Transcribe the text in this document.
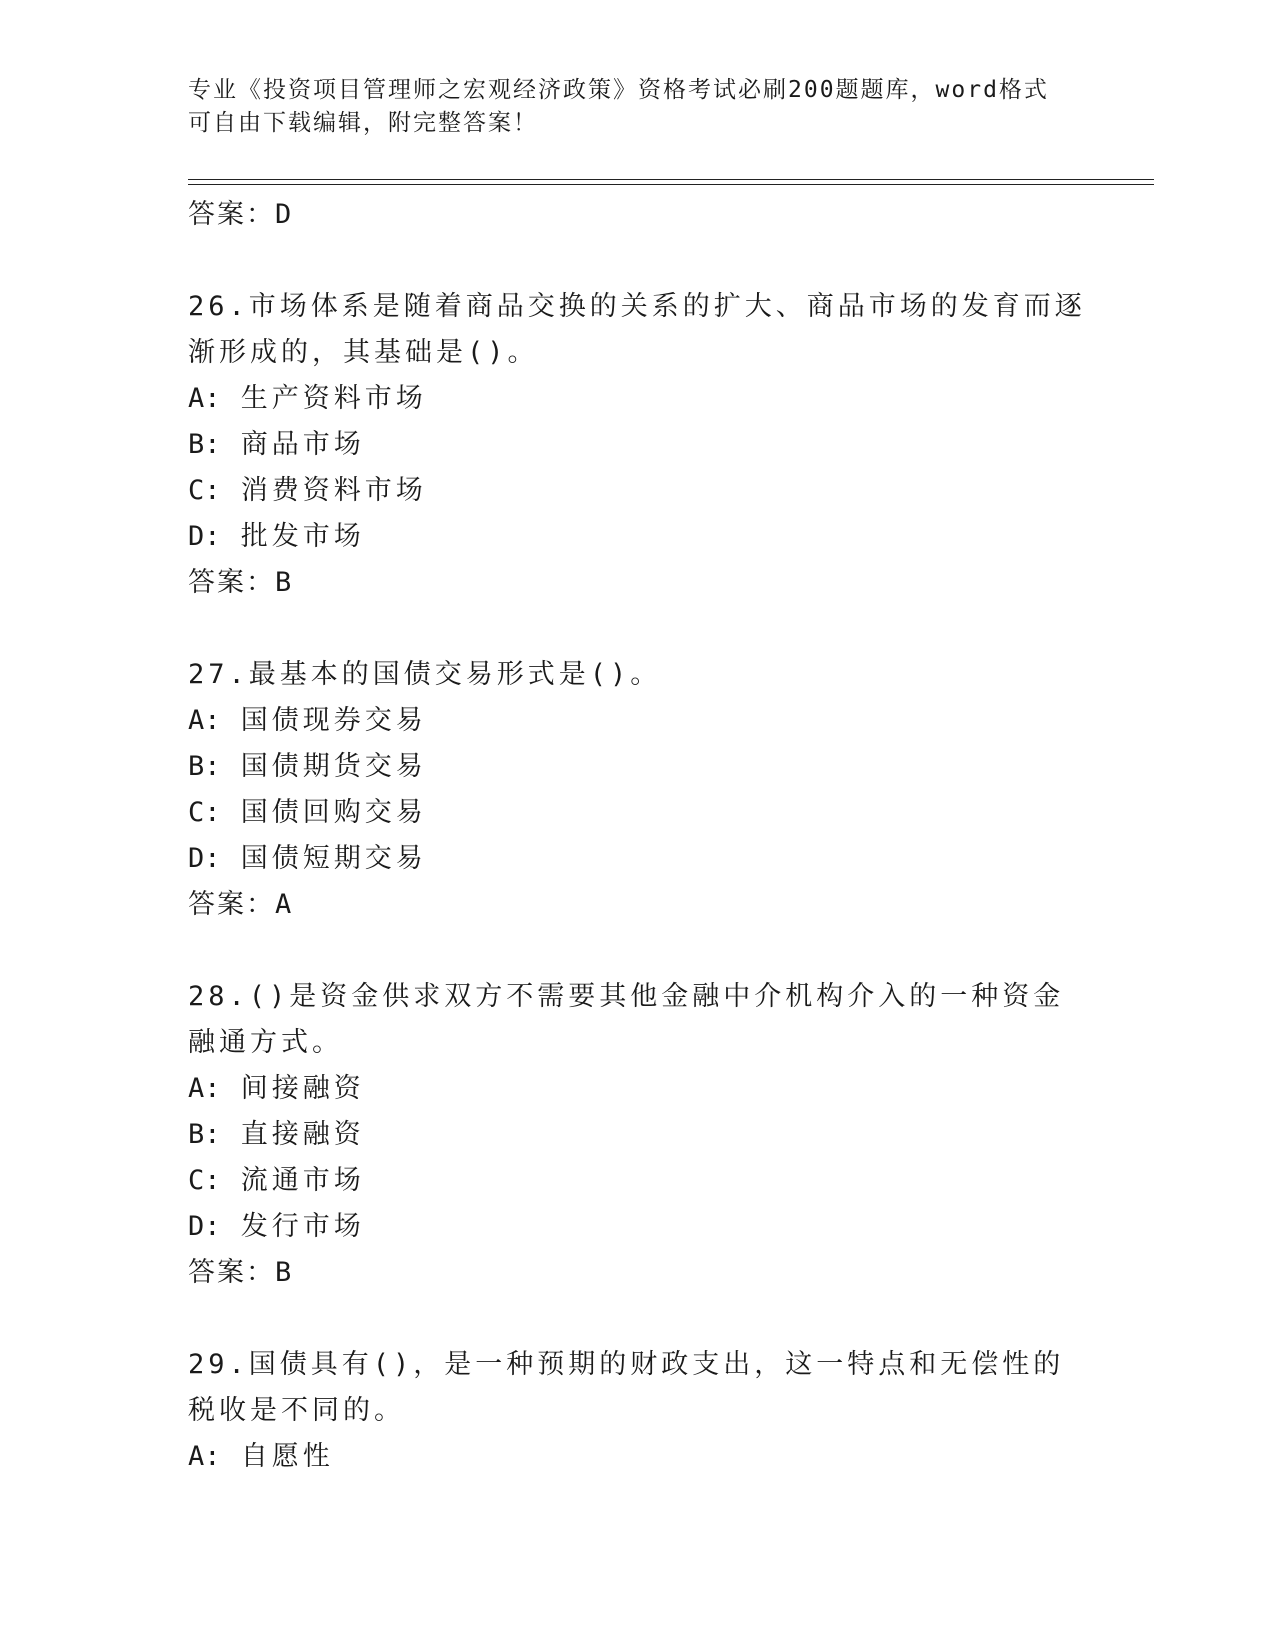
专业《投资项目管理师之宏观经济政策》资格考试必刷200题题库，word格式可自由下载编辑，附完整答案！

答案：D

26.市场体系是随着商品交换的关系的扩大、商品市场的发育而逐渐形成的，其基础是()。

A: 生产资料市场

B: 商品市场

C: 消费资料市场

D: 批发市场

答案：B

27.最基本的国债交易形式是()。

A: 国债现券交易

B: 国债期货交易

C: 国债回购交易

D: 国债短期交易

答案：A

28.()是资金供求双方不需要其他金融中介机构介入的一种资金融通方式。

A: 间接融资

B: 直接融资

C: 流通市场

D: 发行市场

答案：B

29.国债具有()，是一种预期的财政支出，这一特点和无偿性的税收是不同的。

A: 自愿性
